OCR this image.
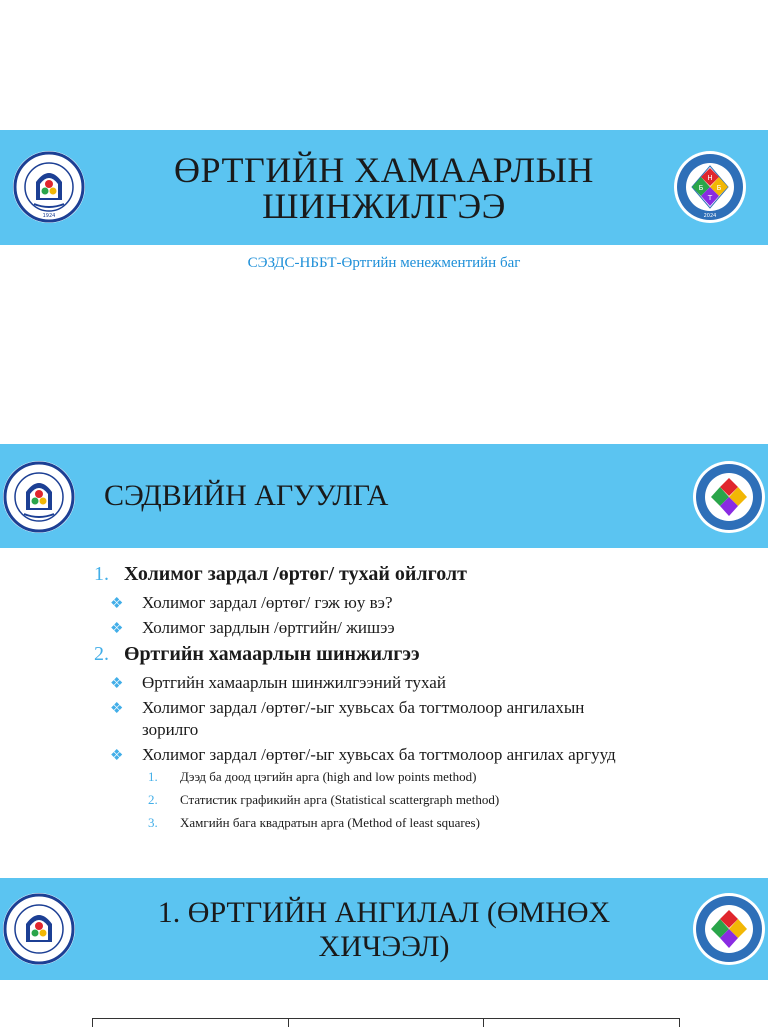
1924
ӨРТГИЙН ХАМААРЛЫН
ШИНЖИЛГЭЭ
Н
Б
Б
Т
2024
СЭЗДС-НББТ-Өртгийн менежментийн баг
СЭДВИЙН АГУУЛГА
1. Холимог зардал /өртөг/ тухай ойлголт
❖ Холимог зардал /өртөг/ гэж юу вэ?
❖ Холимог зардлын /өртгийн/ жишээ
2. Өртгийн хамаарлын шинжилгээ
❖ Өртгийн хамаарлын шинжилгээний тухай
❖ Холимог зардал /өртөг/-ыг хувьсах ба тогтмолоор ангилахын
зорилго
❖ Холимог зардал /өртөг/-ыг хувьсах ба тогтмолоор ангилах аргууд
1. Дээд ба доод цэгийн арга (high and low points method)
2. Статистик графикийн арга (Statistical scattergraph method)
3. Хамгийн бага квадратын арга (Method of least squares)
1. ӨРТГИЙН АНГИЛАЛ (ӨМНӨХ
ХИЧЭЭЛ)
